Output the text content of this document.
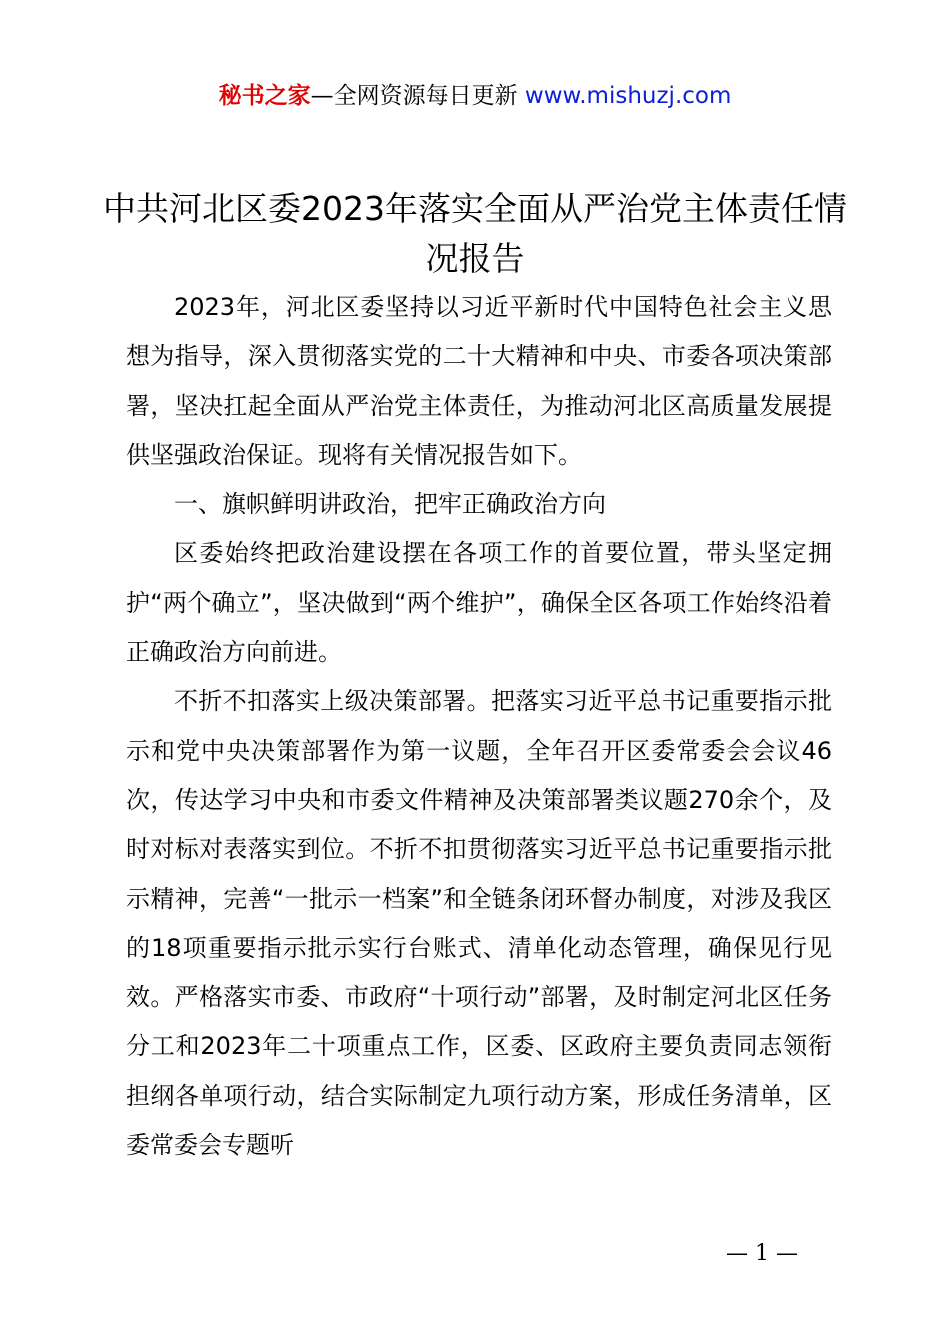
秘书之家—全网资源每日更新 www.mishuzj.com
中共河北区委2023年落实全面从严治党主体责任情况报告

2023年，河北区委坚持以习近平新时代中国特色社会主义思想为指导，深入贯彻落实党的二十大精神和中央、市委各项决策部署，坚决扛起全面从严治党主体责任，为推动河北区高质量发展提供坚强政治保证。现将有关情况报告如下。

一、旗帜鲜明讲政治，把牢正确政治方向

区委始终把政治建设摆在各项工作的首要位置，带头坚定拥护“两个确立”，坚决做到“两个维护”，确保全区各项工作始终沿着正确政治方向前进。

不折不扣落实上级决策部署。把落实习近平总书记重要指示批示和党中央决策部署作为第一议题，全年召开区委常委会会议46次，传达学习中央和市委文件精神及决策部署类议题270余个，及时对标对表落实到位。不折不扣贯彻落实习近平总书记重要指示批示精神，完善“一批示一档案”和全链条闭环督办制度，对涉及我区的18项重要指示批示实行台账式、清单化动态管理，确保见行见效。严格落实市委、市政府“十项行动”部署，及时制定河北区任务分工和2023年二十项重点工作，区委、区政府主要负责同志领衔担纲各单项行动，结合实际制定九项行动方案，形成任务清单，区委常委会专题听

— 1 —
